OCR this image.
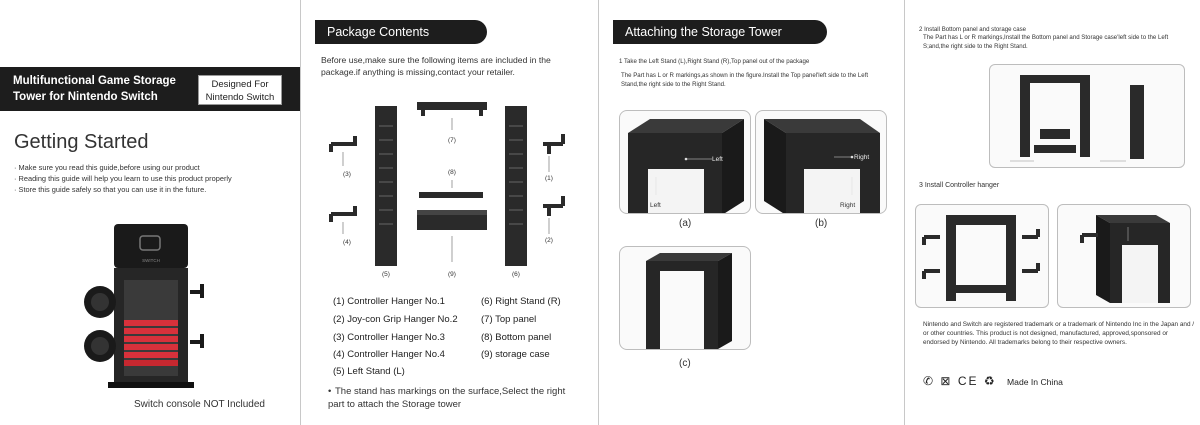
Multifunctional Game Storage Tower for Nintendo Switch
Designed For Nintendo Switch
Getting Started
· Make sure you read this guide,before using our product
· Reading this guide will help you learn to use this product properly
· Store this guide safely so that you can use it in the future.
SWITCH
Switch console NOT Included
Package Contents
Before use,make sure the following items are included in the package.if anything is missing,contact your retailer.
(7)
(3)	(8)
(1)
(4)	(2)
(5)	(9)	(6)
(1) Controller Hanger No.1
(2) Joy-con Grip Hanger No.2
(3) Controller Hanger No.3
(4) Controller Hanger No.4
(5) Left Stand (L)
(6) Right Stand (R)
(7) Top panel
(8) Bottom panel
(9) storage case
• The stand has markings on the surface,Select the right part to attach the Storage tower
Attaching the Storage Tower
1 Take the Left Stand (L),Right Stand (R),Top panel out of the package
The Part has L or R markings,as shown in the figure.Install the Top panel'left side to the Left Stand,the right side to the Right Stand.
Left
Left
(a)
Right
Right
(b)
(c)
2 Install Bottom panel and storage case
The Part has L or R markings,Install the Bottom panel and Storage case'left side to the Left S;and,the right side to the Right Stand.
3 Install Controller hanger
Nintendo and Switch are registered trademark or a trademark of Nintendo Inc in the Japan and / or other countries. This product is not designed, manufactured, approved,sponsored or endorsed by Nintendo. All trademarks belong to their respective owners.
✆ ⊠ CE ♻ Made In China
